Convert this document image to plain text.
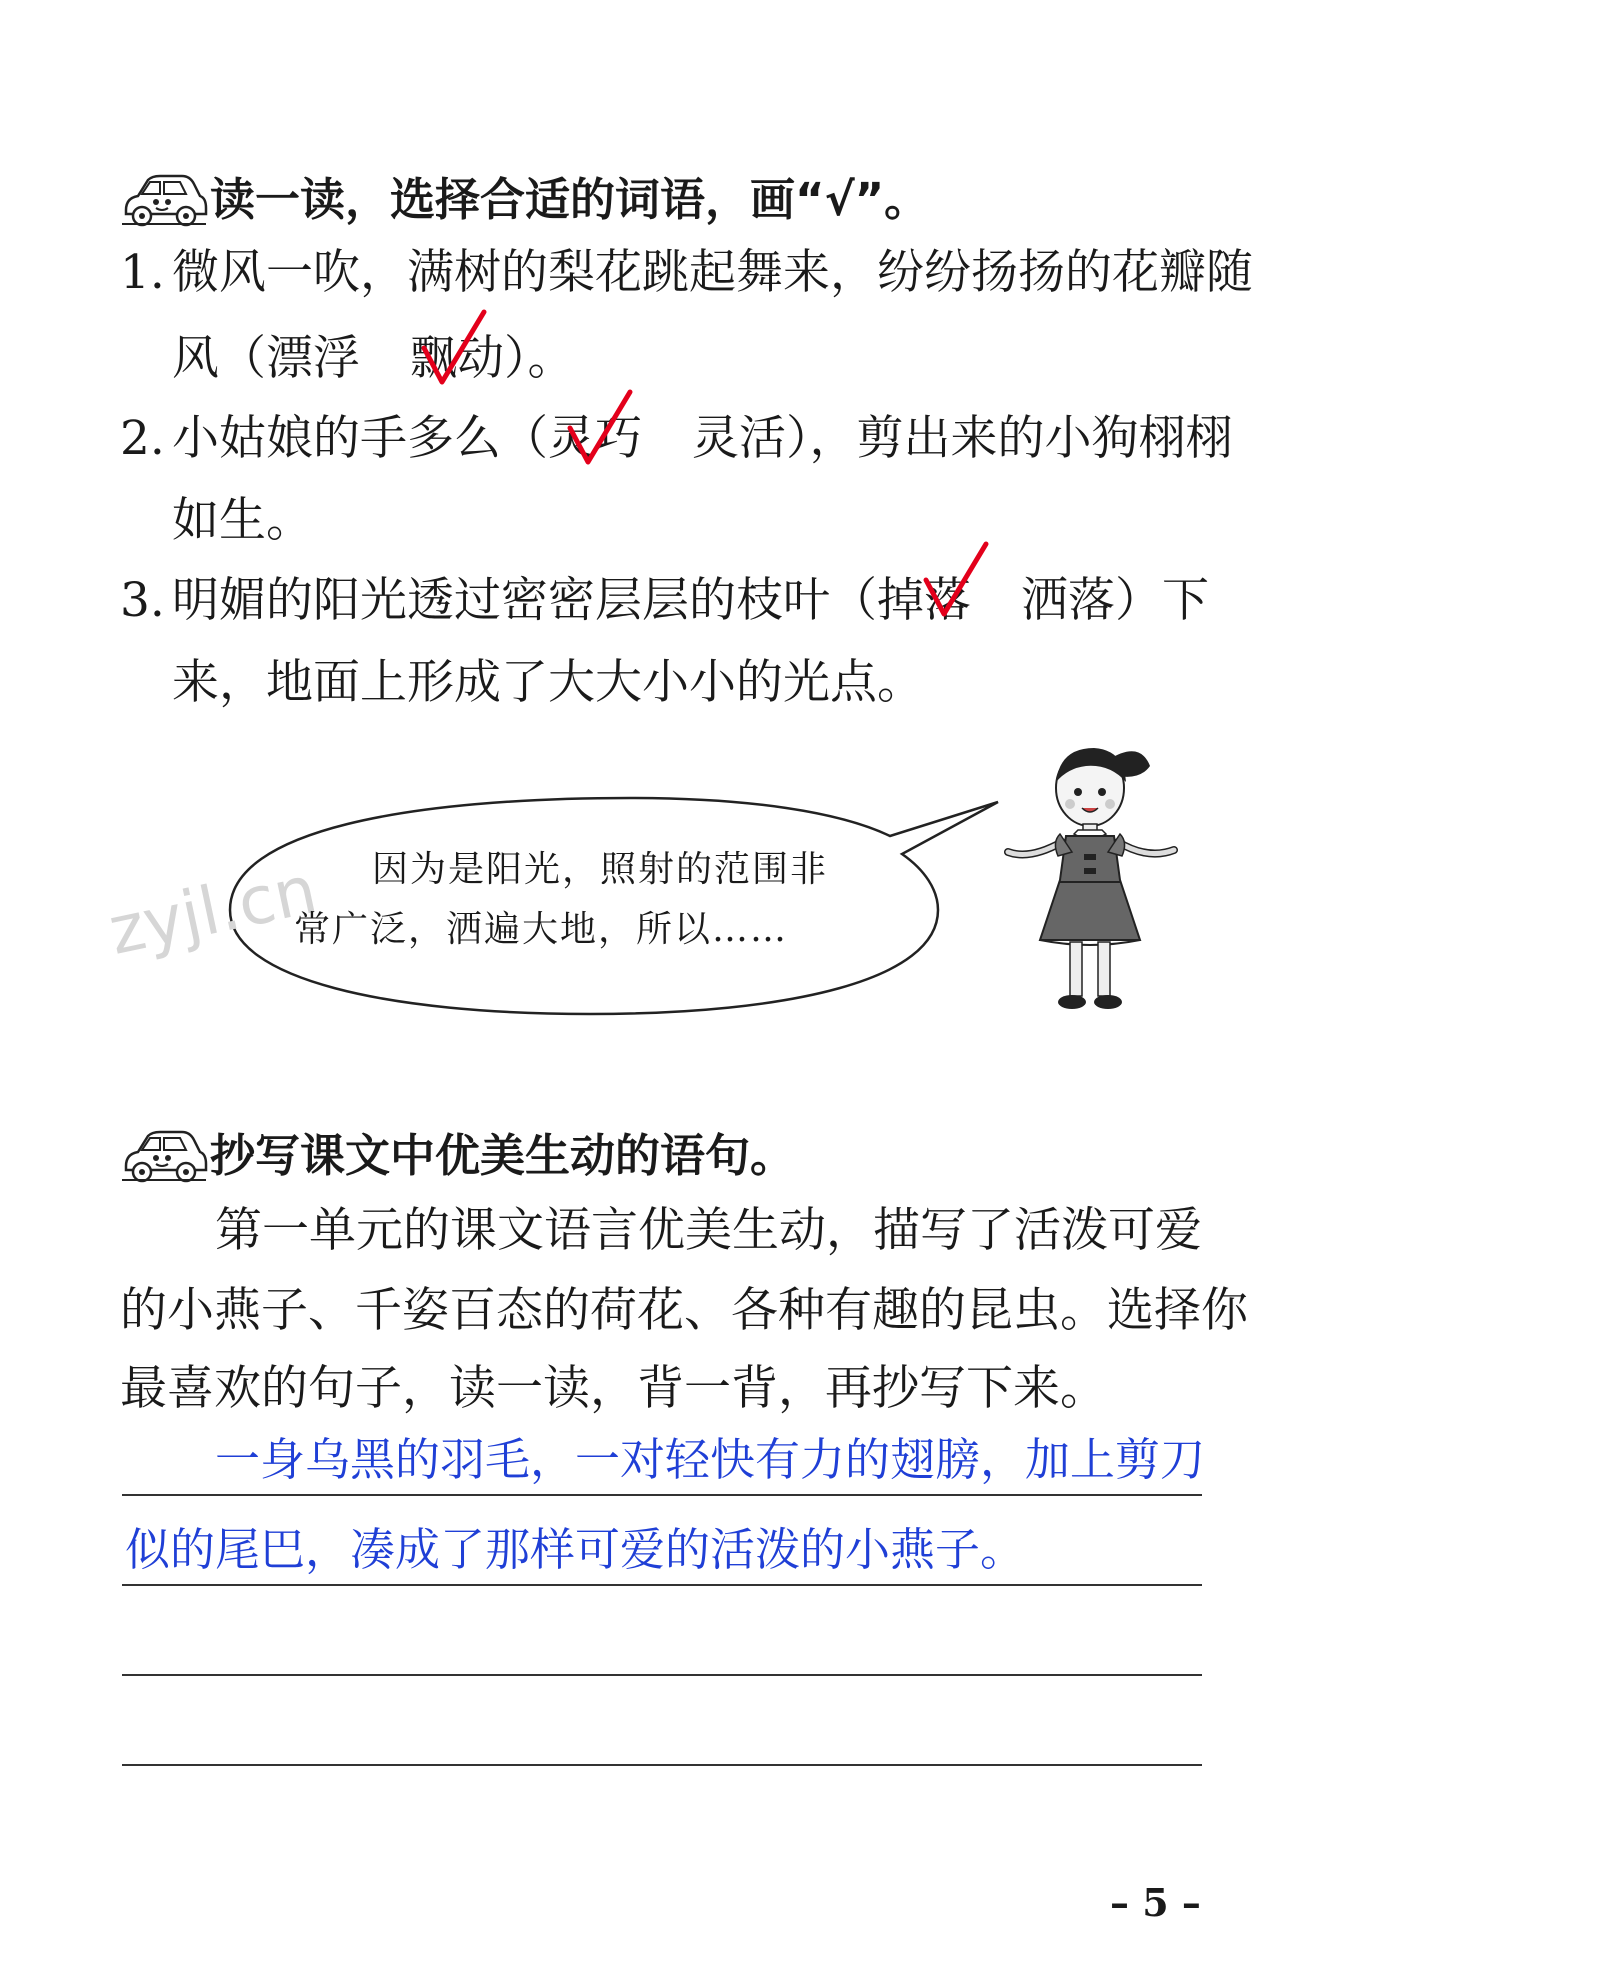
读一读，选择合适的词语，画“√”。
1. 微风一吹，满树的梨花跳起舞来，纷纷扬扬的花瓣随
风（漂浮 飘动）。
2. 小姑娘的手多么（灵巧 灵活），剪出来的小狗栩栩
如生。
3. 明媚的阳光透过密密层层的枝叶（掉落 洒落）下
来，地面上形成了大大小小的光点。
zyjl.cn 因为是阳光，照射的范围非
常广泛，洒遍大地，所以……
抄写课文中优美生动的语句。
第一单元的课文语言优美生动，描写了活泼可爱
的小燕子、千姿百态的荷花、各种有趣的昆虫。选择你
最喜欢的句子，读一读，背一背，再抄写下来。
一身乌黑的羽毛，一对轻快有力的翅膀，加上剪刀
似的尾巴，凑成了那样可爱的活泼的小燕子。
– 5 –
